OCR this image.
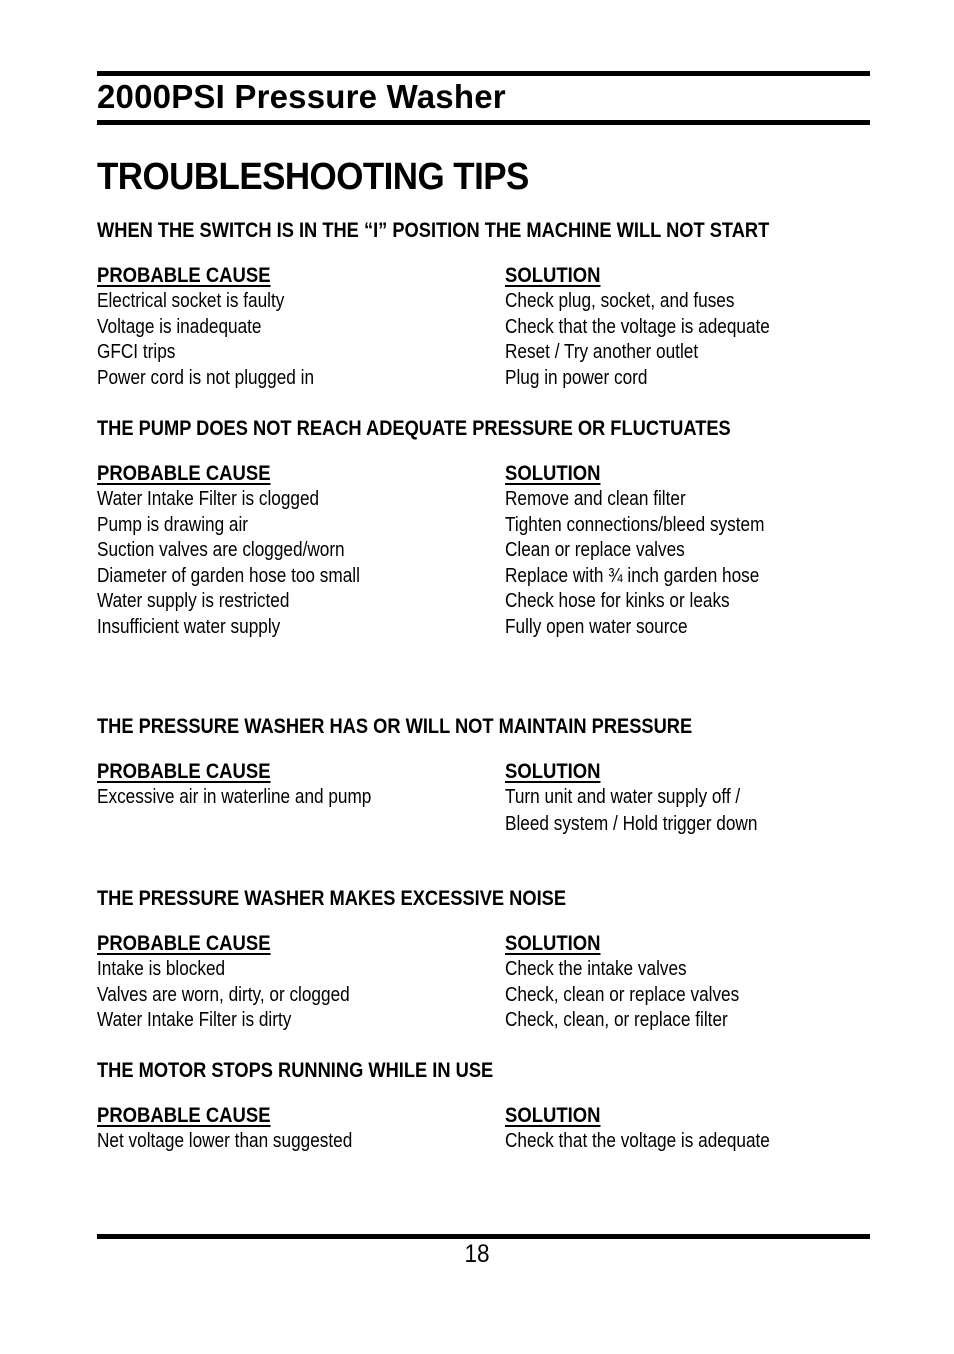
2000PSI Pressure Washer
TROUBLESHOOTING TIPS
WHEN THE SWITCH IS IN THE “I” POSITION THE MACHINE WILL NOT START
PROBABLE CAUSE	SOLUTION
Electrical socket is faulty	Check plug, socket, and fuses
Voltage is inadequate	Check that the voltage is adequate
GFCI trips	Reset / Try another outlet
Power cord is not plugged in	Plug in power cord
THE PUMP DOES NOT REACH ADEQUATE PRESSURE OR FLUCTUATES
PROBABLE CAUSE	SOLUTION
Water Intake Filter is clogged	Remove and clean filter
Pump is drawing air	Tighten connections/bleed system
Suction valves are clogged/worn	Clean or replace valves
Diameter of garden hose too small	Replace with ¾ inch garden hose
Water supply is restricted	Check hose for kinks or leaks
Insufficient water supply	Fully open water source
THE PRESSURE WASHER HAS OR WILL NOT MAINTAIN PRESSURE
PROBABLE CAUSE	SOLUTION
Excessive air in waterline and pump	Turn unit and water supply off /
Bleed system / Hold trigger down
THE PRESSURE WASHER MAKES EXCESSIVE NOISE
PROBABLE CAUSE	SOLUTION
Intake is blocked	Check the intake valves
Valves are worn, dirty, or clogged	Check, clean or replace valves
Water Intake Filter is dirty	Check, clean, or replace filter
THE MOTOR STOPS RUNNING WHILE IN USE
PROBABLE CAUSE	SOLUTION
Net voltage lower than suggested	Check that the voltage is adequate
18
